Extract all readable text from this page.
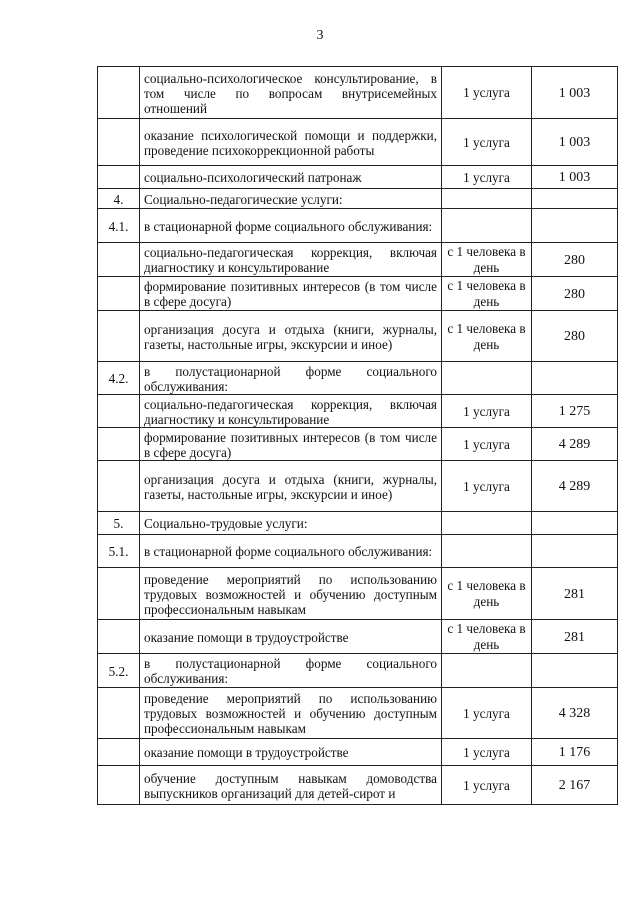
3
	социально-психологическое консультирование, в том числе по вопросам внутрисемейных отношений	1 услуга	1 003
	оказание психологической помощи и поддержки, проведение психокоррекционной работы	1 услуга	1 003
	социально-психологический патронаж	1 услуга	1 003
4.	Социально-педагогические услуги:		
4.1.	в стационарной форме социального обслуживания:		
	социально-педагогическая коррекция, включая диагностику и консультирование	с 1 человека в день	280
	формирование позитивных интересов (в том числе в сфере досуга)	с 1 человека в день	280
	организация досуга и отдыха (книги, журналы, газеты, настольные игры, экскурсии и иное)	с 1 человека в день	280
4.2.	в полустационарной форме социального обслуживания:		
	социально-педагогическая коррекция, включая диагностику и консультирование	1 услуга	1 275
	формирование позитивных интересов (в том числе в сфере досуга)	1 услуга	4 289
	организация досуга и отдыха (книги, журналы, газеты, настольные игры, экскурсии и иное)	1 услуга	4 289
5.	Социально-трудовые услуги:		
5.1.	в стационарной форме социального обслуживания:		
	проведение мероприятий по использованию трудовых возможностей и обучению доступным профессиональным навыкам	с 1 человека в день	281
	оказание помощи в трудоустройстве	с 1 человека в день	281
5.2.	в полустационарной форме социального обслуживания:		
	проведение мероприятий по использованию трудовых возможностей и обучению доступным профессиональным навыкам	1 услуга	4 328
	оказание помощи в трудоустройстве	1 услуга	1 176
	обучение доступным навыкам домоводства выпускников организаций для детей-сирот и	1 услуга	2 167
